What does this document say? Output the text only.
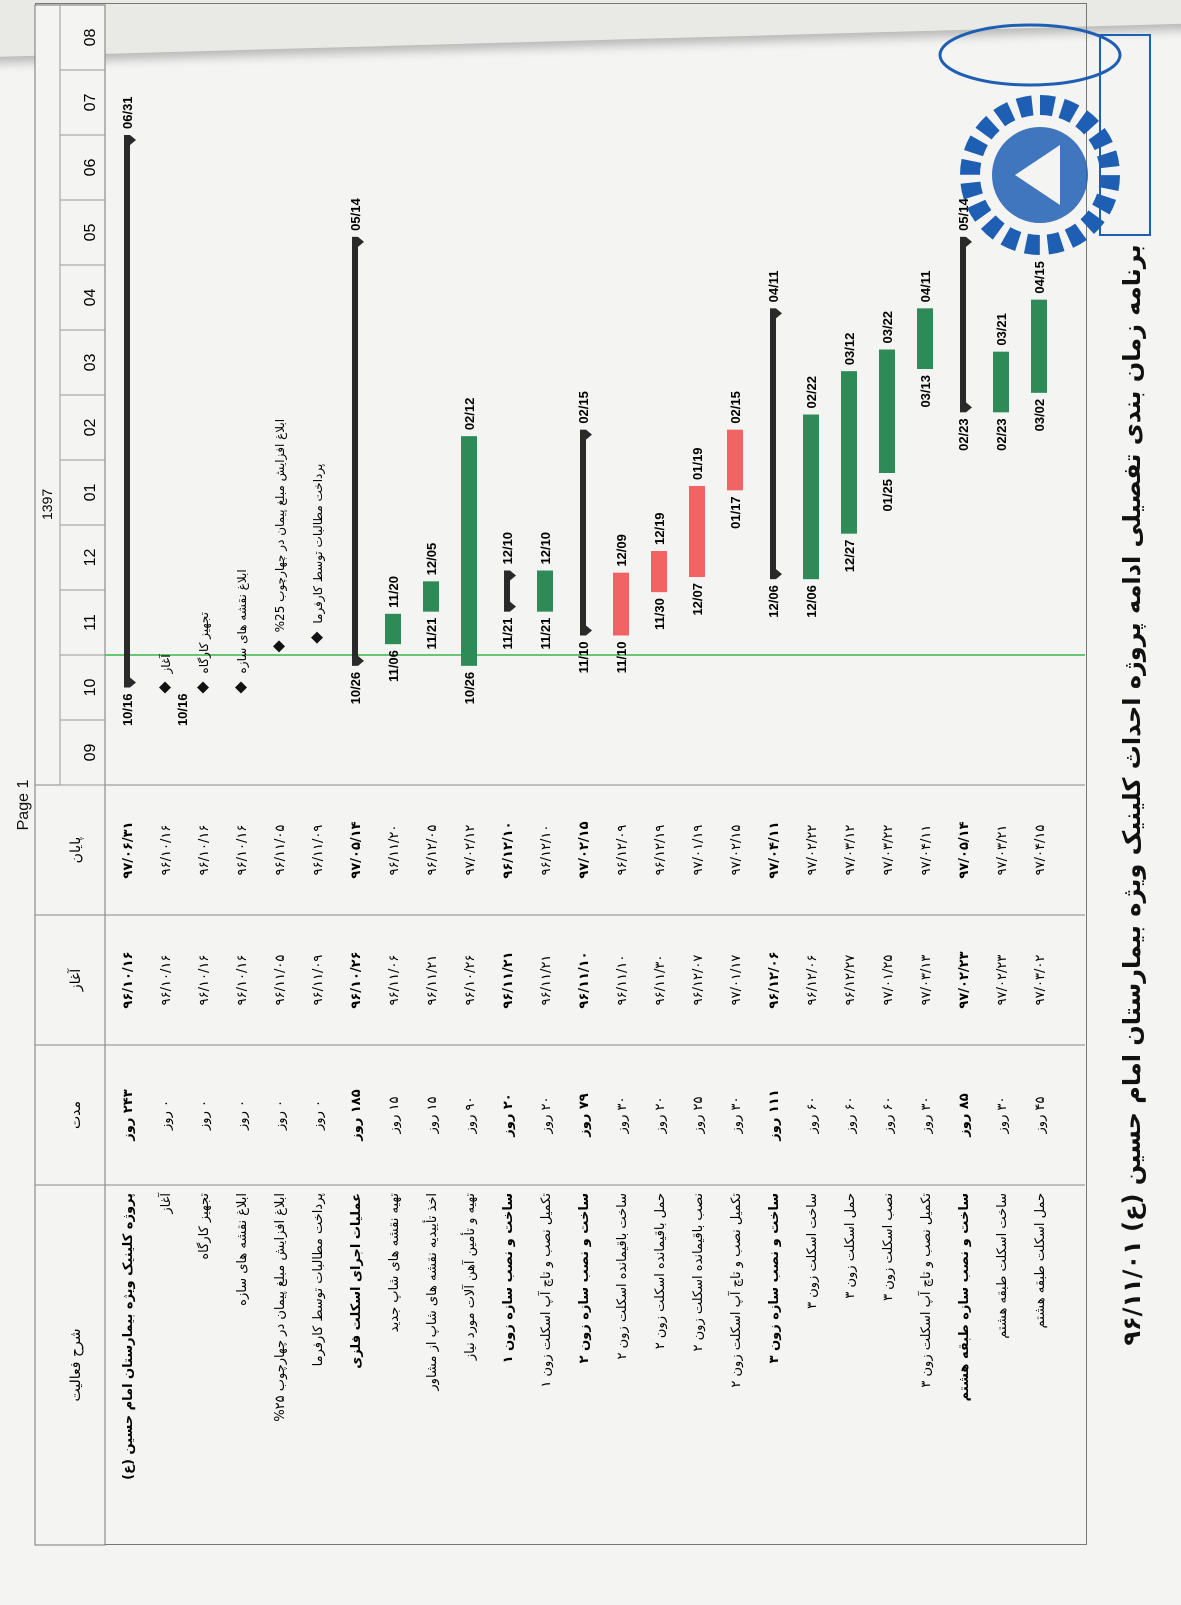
برنامه زمان بندی تفصیلی ادامه پروژه احداث کلینیک ویژه بیمارستان امام حسین (ع) ۹۶/۱۱/۰۱
شرح فعالیت
مدت
آغاز
پایان
1397
09
10
11
12
01
02
03
04
05
06
07
08
پروژه کلینیک ویژه بیمارستان امام حسین (ع)
۲۴۳ روز
۹۶/۱۰/۱۶
۹۷/۰۶/۳۱
10/16
06/31
آغاز
۰ روز
۹۶/۱۰/۱۶
۹۶/۱۰/۱۶
آغاز
10/16
تجهیز کارگاه
۰ روز
۹۶/۱۰/۱۶
۹۶/۱۰/۱۶
تجهیز کارگاه
ابلاغ نقشه های سازه
۰ روز
۹۶/۱۰/۱۶
۹۶/۱۰/۱۶
ابلاغ نقشه های سازه
ابلاغ افزایش مبلغ پیمان در چهارچوب ۲۵%
۰ روز
۹۶/۱۱/۰۵
۹۶/۱۱/۰۵
ابلاغ افزایش مبلغ پیمان در چهارچوب 25%
پرداخت مطالبات توسط کارفرما
۰ روز
۹۶/۱۱/۰۹
۹۶/۱۱/۰۹
پرداخت مطالبات توسط کارفرما
عملیات اجرای اسکلت فلزی
۱۸۵ روز
۹۶/۱۰/۲۶
۹۷/۰۵/۱۴
10/26
05/14
تهیه نقشه های شاپ جدید
۱۵ روز
۹۶/۱۱/۰۶
۹۶/۱۱/۲۰
11/06
11/20
اخذ تأییدیه نقشه های شاپ از مشاور
۱۵ روز
۹۶/۱۱/۲۱
۹۶/۱۲/۰۵
11/21
12/05
تهیه و تأمین آهن آلات مورد نیاز
۹۰ روز
۹۶/۱۰/۲۶
۹۷/۰۲/۱۲
10/26
02/12
ساخت و نصب سازه زون ۱
۲۰ روز
۹۶/۱۱/۲۱
۹۶/۱۲/۱۰
11/21
12/10
تکمیل نصب و تاچ آپ اسکلت زون ۱
۲۰ روز
۹۶/۱۱/۲۱
۹۶/۱۲/۱۰
11/21
12/10
ساخت و نصب سازه زون ۲
۷۹ روز
۹۶/۱۱/۱۰
۹۷/۰۲/۱۵
11/10
02/15
ساخت باقیمانده اسکلت زون ۲
۳۰ روز
۹۶/۱۱/۱۰
۹۶/۱۲/۰۹
11/10
12/09
حمل باقیمانده اسکلت زون ۲
۲۰ روز
۹۶/۱۱/۳۰
۹۶/۱۲/۱۹
11/30
12/19
نصب باقیمانده اسکلت زون ۲
۲۵ روز
۹۶/۱۲/۰۷
۹۷/۰۱/۱۹
12/07
01/19
تکمیل نصب و تاچ آپ اسکلت زون ۲
۳۰ روز
۹۷/۰۱/۱۷
۹۷/۰۲/۱۵
01/17
02/15
ساخت و نصب سازه زون ۳
۱۱۱ روز
۹۶/۱۲/۰۶
۹۷/۰۴/۱۱
12/06
04/11
ساخت اسکلت زون ۳
۶۰ روز
۹۶/۱۲/۰۶
۹۷/۰۲/۲۲
12/06
02/22
حمل اسکلت زون ۳
۶۰ روز
۹۶/۱۲/۲۷
۹۷/۰۳/۱۲
12/27
03/12
نصب اسکلت زون ۳
۶۰ روز
۹۷/۰۱/۲۵
۹۷/۰۳/۲۲
01/25
03/22
تکمیل نصب و تاچ آپ اسکلت زون ۳
۳۰ روز
۹۷/۰۳/۱۳
۹۷/۰۴/۱۱
03/13
04/11
ساخت و نصب سازه طبقه هشتم
۸۵ روز
۹۷/۰۲/۲۳
۹۷/۰۵/۱۴
02/23
05/14
ساخت اسکلت طبقه هشتم
۳۰ روز
۹۷/۰۲/۲۳
۹۷/۰۳/۲۱
02/23
03/21
حمل اسکلت طبقه هشتم
۴۵ روز
۹۷/۰۳/۰۲
۹۷/۰۴/۱۵
03/02
04/15
Page 1
